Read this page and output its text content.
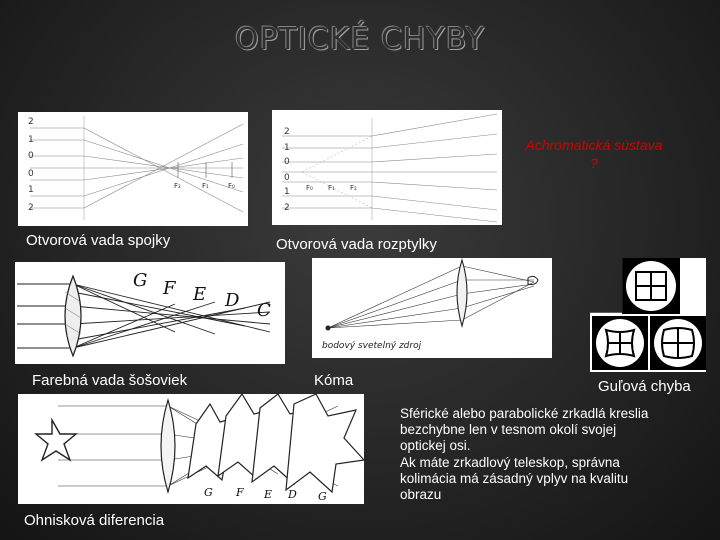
OPTICKÉ CHYBY
2
1
0
0
1
2
F₂	F₁	F₀
2
1
0
0
1
2
F₀ F₁ F₂
Achromatická sústava
?
Otvorová vada spojky	Otvorová vada rozptylky
G F E D C
bodový svetelný zdroj
Farebná vada šošoviek	Kóma	Guľová chyba
G F E D G
Ohnisková diferencia
Sférické alebo parabolické zrkadlá kreslia
bezchybne len v tesnom okolí svojej
optickej osi.
Ak máte zrkadlový teleskop, správna
kolimácia má zásadný vplyv na kvalitu
obrazu
